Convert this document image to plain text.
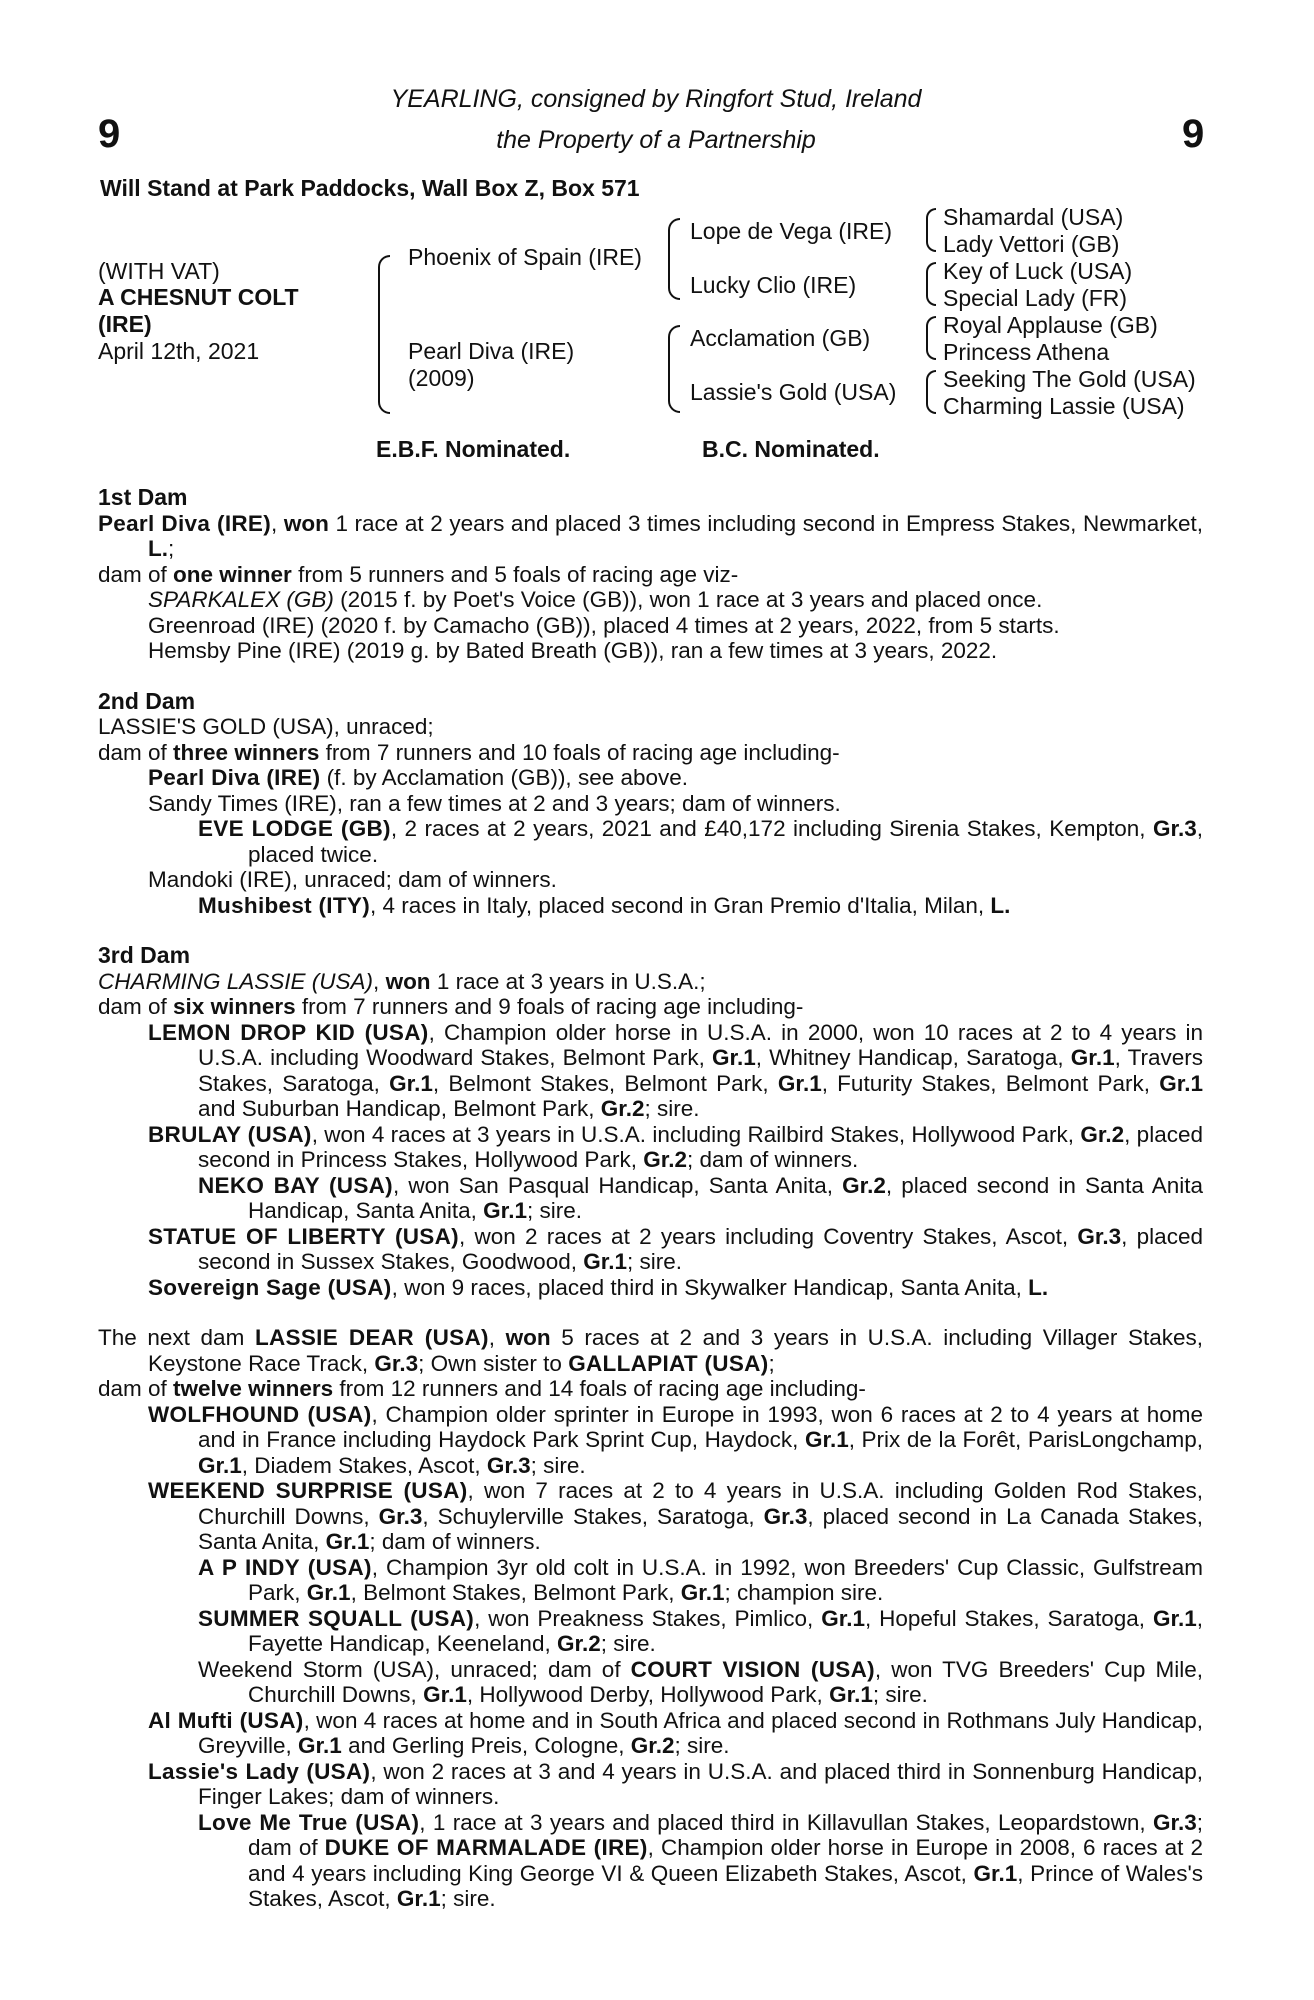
9	9
YEARLING, consigned by Ringfort Stud, Ireland
the Property of a Partnership
Will Stand at Park Paddocks, Wall Box Z, Box 571
(WITH VAT)
A CHESNUT COLT
(IRE)
April 12th, 2021
Phoenix of Spain (IRE)
Pearl Diva (IRE)
(2009)
Lope de Vega (IRE)
Lucky Clio (IRE)
Acclamation (GB)
Lassie's Gold (USA)
Shamardal (USA)
Lady Vettori (GB)
Key of Luck (USA)
Special Lady (FR)
Royal Applause (GB)
Princess Athena
Seeking The Gold (USA)
Charming Lassie (USA)
E.B.F. Nominated.	B.C. Nominated.
1st Dam
Pearl Diva (IRE), won 1 race at 2 years and placed 3 times including second in Empress Stakes, Newmarket, L.;
dam of one winner from 5 runners and 5 foals of racing age viz-
SPARKALEX (GB) (2015 f. by Poet's Voice (GB)), won 1 race at 3 years and placed once.
Greenroad (IRE) (2020 f. by Camacho (GB)), placed 4 times at 2 years, 2022, from 5 starts.
Hemsby Pine (IRE) (2019 g. by Bated Breath (GB)), ran a few times at 3 years, 2022.
2nd Dam
LASSIE'S GOLD (USA), unraced;
dam of three winners from 7 runners and 10 foals of racing age including-
Pearl Diva (IRE) (f. by Acclamation (GB)), see above.
Sandy Times (IRE), ran a few times at 2 and 3 years; dam of winners.
EVE LODGE (GB), 2 races at 2 years, 2021 and £40,172 including Sirenia Stakes, Kempton, Gr.3, placed twice.
Mandoki (IRE), unraced; dam of winners.
Mushibest (ITY), 4 races in Italy, placed second in Gran Premio d'Italia, Milan, L.
3rd Dam
CHARMING LASSIE (USA), won 1 race at 3 years in U.S.A.;
dam of six winners from 7 runners and 9 foals of racing age including-
LEMON DROP KID (USA), Champion older horse in U.S.A. in 2000, won 10 races at 2 to 4 years in U.S.A. including Woodward Stakes, Belmont Park, Gr.1, Whitney Handicap, Saratoga, Gr.1, Travers Stakes, Saratoga, Gr.1, Belmont Stakes, Belmont Park, Gr.1, Futurity Stakes, Belmont Park, Gr.1 and Suburban Handicap, Belmont Park, Gr.2; sire.
BRULAY (USA), won 4 races at 3 years in U.S.A. including Railbird Stakes, Hollywood Park, Gr.2, placed second in Princess Stakes, Hollywood Park, Gr.2; dam of winners.
NEKO BAY (USA), won San Pasqual Handicap, Santa Anita, Gr.2, placed second in Santa Anita Handicap, Santa Anita, Gr.1; sire.
STATUE OF LIBERTY (USA), won 2 races at 2 years including Coventry Stakes, Ascot, Gr.3, placed second in Sussex Stakes, Goodwood, Gr.1; sire.
Sovereign Sage (USA), won 9 races, placed third in Skywalker Handicap, Santa Anita, L.
The next dam LASSIE DEAR (USA), won 5 races at 2 and 3 years in U.S.A. including Villager Stakes, Keystone Race Track, Gr.3; Own sister to GALLAPIAT (USA);
dam of twelve winners from 12 runners and 14 foals of racing age including-
WOLFHOUND (USA), Champion older sprinter in Europe in 1993, won 6 races at 2 to 4 years at home and in France including Haydock Park Sprint Cup, Haydock, Gr.1, Prix de la Forêt, ParisLongchamp, Gr.1, Diadem Stakes, Ascot, Gr.3; sire.
WEEKEND SURPRISE (USA), won 7 races at 2 to 4 years in U.S.A. including Golden Rod Stakes, Churchill Downs, Gr.3, Schuylerville Stakes, Saratoga, Gr.3, placed second in La Canada Stakes, Santa Anita, Gr.1; dam of winners.
A P INDY (USA), Champion 3yr old colt in U.S.A. in 1992, won Breeders' Cup Classic, Gulfstream Park, Gr.1, Belmont Stakes, Belmont Park, Gr.1; champion sire.
SUMMER SQUALL (USA), won Preakness Stakes, Pimlico, Gr.1, Hopeful Stakes, Saratoga, Gr.1, Fayette Handicap, Keeneland, Gr.2; sire.
Weekend Storm (USA), unraced; dam of COURT VISION (USA), won TVG Breeders' Cup Mile, Churchill Downs, Gr.1, Hollywood Derby, Hollywood Park, Gr.1; sire.
Al Mufti (USA), won 4 races at home and in South Africa and placed second in Rothmans July Handicap, Greyville, Gr.1 and Gerling Preis, Cologne, Gr.2; sire.
Lassie's Lady (USA), won 2 races at 3 and 4 years in U.S.A. and placed third in Sonnenburg Handicap, Finger Lakes; dam of winners.
Love Me True (USA), 1 race at 3 years and placed third in Killavullan Stakes, Leopardstown, Gr.3; dam of DUKE OF MARMALADE (IRE), Champion older horse in Europe in 2008, 6 races at 2 and 4 years including King George VI & Queen Elizabeth Stakes, Ascot, Gr.1, Prince of Wales's Stakes, Ascot, Gr.1; sire.
